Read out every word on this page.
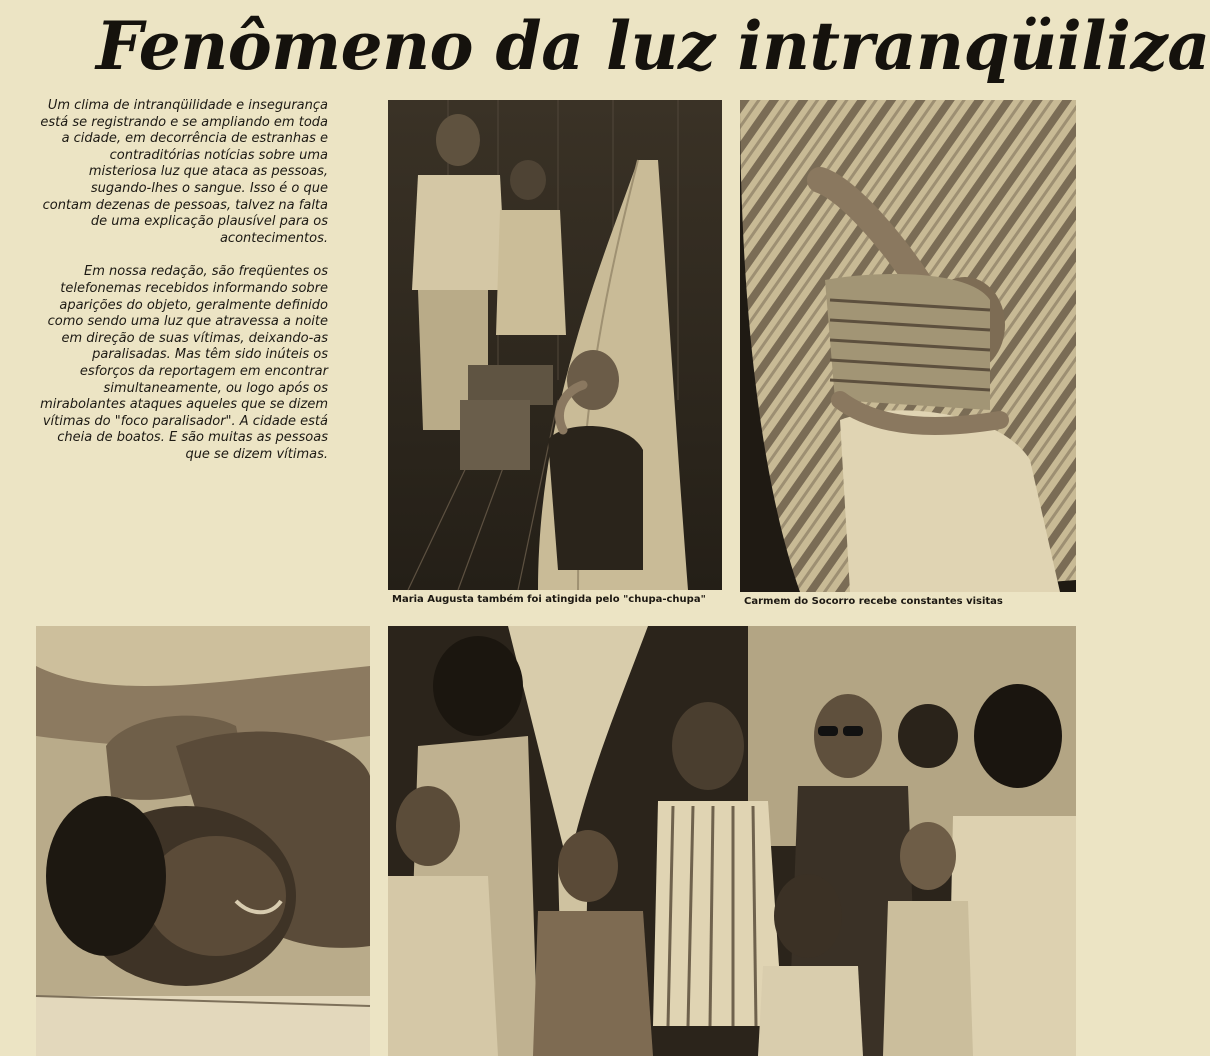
Fenômeno da luz intranqüiliza

Um clima de intranqüilidade e insegurança está se registrando e se ampliando em toda a cidade, em decorrência de estranhas e contraditórias notícias sobre uma misteriosa luz que ataca as pessoas, sugando-lhes o sangue. Isso é o que contam dezenas de pessoas, talvez na falta de uma explicação plausível para os acontecimentos.

Em nossa redação, são freqüentes os telefonemas recebidos informando sobre aparições do objeto, geralmente definido como sendo uma luz que atravessa a noite em direção de suas vítimas, deixando-as paralisadas. Mas têm sido inúteis os esforços da reportagem em encontrar simultaneamente, ou logo após os mirabolantes ataques aqueles que se dizem vítimas do "foco paralisador". A cidade está cheia de boatos. E são muitas as pessoas que se dizem vítimas.

Maria Augusta também foi atingida pelo "chupa-chupa"	Carmem do Socorro recebe constantes visitas
